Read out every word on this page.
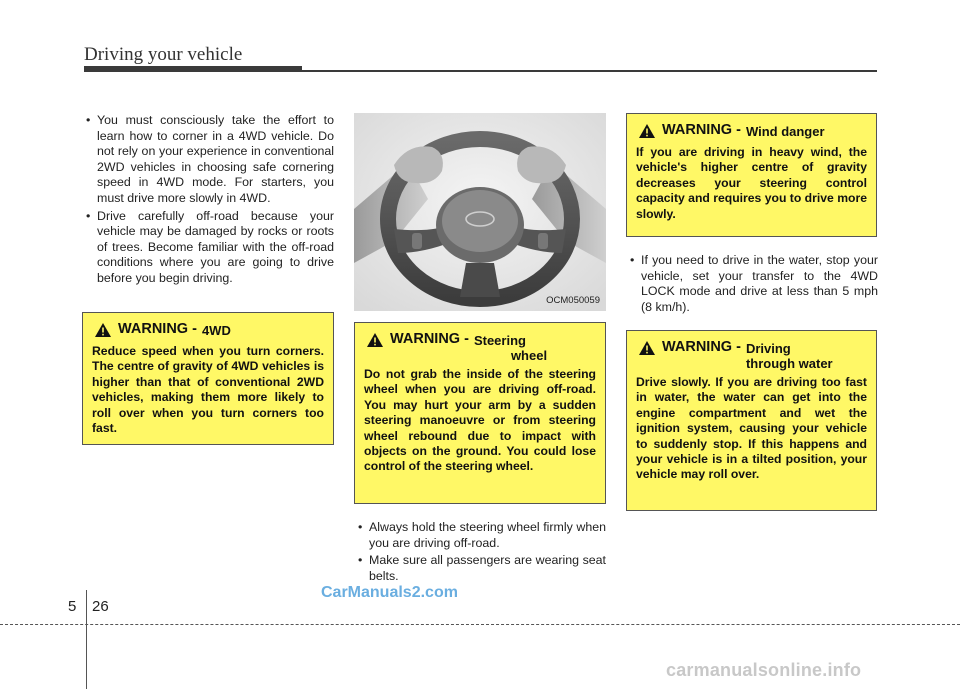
Driving your vehicle
• You must consciously take the effort to learn how to corner in a 4WD vehicle. Do not rely on your experience in conventional 2WD vehicles in choosing safe cornering speed in 4WD mode. For starters, you must drive more slowly in 4WD.
• Drive carefully off-road because your vehicle may be damaged by rocks or roots of trees. Become familiar with the off-road conditions where you are going to drive before you begin driving.
WARNING - 4WD
Reduce speed when you turn corners. The centre of gravity of 4WD vehicles is higher than that of conventional 2WD vehicles, making them more likely to roll over when you turn corners too fast.
OCM050059
WARNING - Steering
wheel
Do not grab the inside of the steering wheel when you are driving off-road. You may hurt your arm by a sudden steering manoeuvre or from steering wheel rebound due to impact with objects on the ground. You could lose control of the steering wheel.
• Always hold the steering wheel firmly when you are driving off-road.
• Make sure all passengers are wearing seat belts.
WARNING - Wind danger
If you are driving in heavy wind, the vehicle's higher centre of gravity decreases your steering control capacity and requires you to drive more slowly.
• If you need to drive in the water, stop your vehicle, set your transfer to the 4WD LOCK mode and drive at less than 5 mph (8 km/h).
WARNING - Driving
through water
Drive slowly. If you are driving too fast in water, the water can get into the engine compartment and wet the ignition system, causing your vehicle to suddenly stop. If this happens and your vehicle is in a tilted position, your vehicle may roll over.
CarManuals2.com
5 26
carmanualsonline.info
